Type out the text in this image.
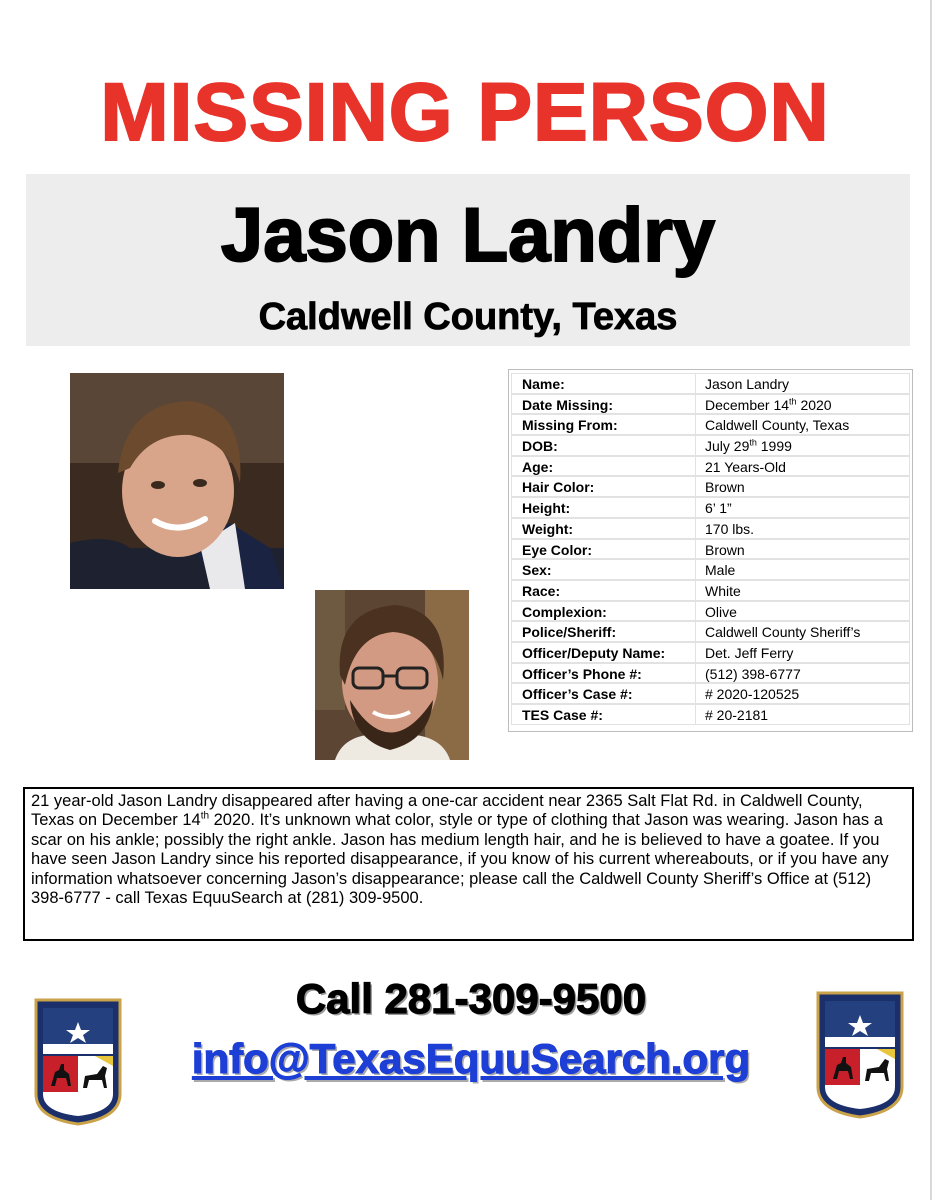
MISSING PERSON
Jason Landry
Caldwell County, Texas
Name:	Jason Landry
Date Missing:	December 14th 2020
Missing From:	Caldwell County, Texas
DOB:	July 29th 1999
Age:	21 Years-Old
Hair Color:	Brown
Height:	6’ 1”
Weight:	170 lbs.
Eye Color:	Brown
Sex:	Male
Race:	White
Complexion:	Olive
Police/Sheriff:	Caldwell County Sheriff’s
Officer/Deputy Name:	Det. Jeff Ferry
Officer’s Phone #:	(512) 398-6777
Officer’s Case #:	# 2020-120525
TES Case #:	# 20-2181
21 year-old Jason Landry disappeared after having a one-car accident near 2365 Salt Flat Rd. in Caldwell County, Texas on December 14th 2020. It’s unknown what color, style or type of clothing that Jason was wearing. Jason has a scar on his ankle; possibly the right ankle. Jason has medium length hair, and he is believed to have a goatee. If you have seen Jason Landry since his reported disappearance, if you know of his current whereabouts, or if you have any information whatsoever concerning Jason’s disappearance; please call the Caldwell County Sheriff’s Office at (512) 398-6777 - call Texas EquuSearch at (281) 309-9500.
Call 281-309-9500
info@TexasEquuSearch.org
